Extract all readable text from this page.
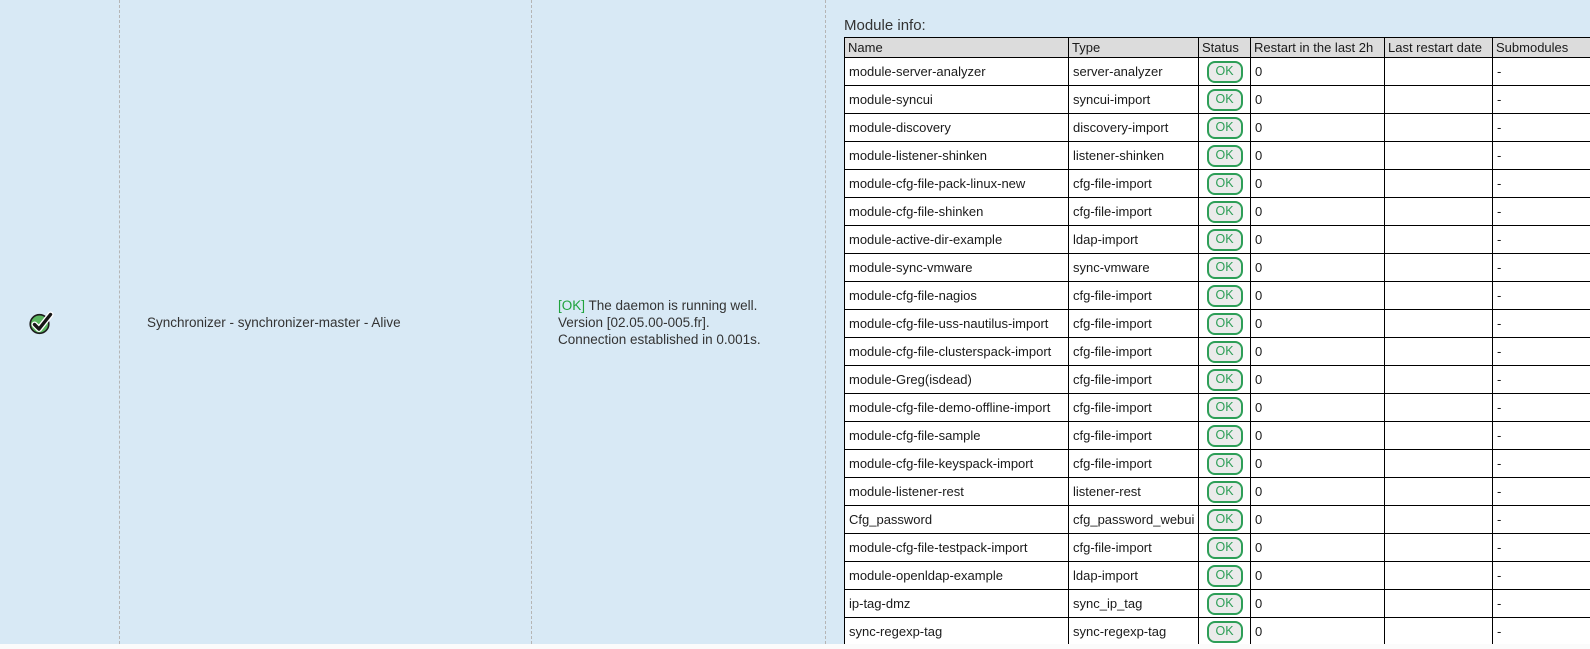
Synchronizer - synchronizer-master - Alive
[OK] The daemon is running well.
Version [02.05.00-005.fr].
Connection established in 0.001s.
Module info:
Name	Type	Status	Restart in the last 2h	Last restart date	Submodules
module-server-analyzer	server-analyzer	OK	0		-
module-syncui	syncui-import	OK	0		-
module-discovery	discovery-import	OK	0		-
module-listener-shinken	listener-shinken	OK	0		-
module-cfg-file-pack-linux-new	cfg-file-import	OK	0		-
module-cfg-file-shinken	cfg-file-import	OK	0		-
module-active-dir-example	ldap-import	OK	0		-
module-sync-vmware	sync-vmware	OK	0		-
module-cfg-file-nagios	cfg-file-import	OK	0		-
module-cfg-file-uss-nautilus-import	cfg-file-import	OK	0		-
module-cfg-file-clusterspack-import	cfg-file-import	OK	0		-
module-Greg(isdead)	cfg-file-import	OK	0		-
module-cfg-file-demo-offline-import	cfg-file-import	OK	0		-
module-cfg-file-sample	cfg-file-import	OK	0		-
module-cfg-file-keyspack-import	cfg-file-import	OK	0		-
module-listener-rest	listener-rest	OK	0		-
Cfg_password	cfg_password_webui	OK	0		-
module-cfg-file-testpack-import	cfg-file-import	OK	0		-
module-openldap-example	ldap-import	OK	0		-
ip-tag-dmz	sync_ip_tag	OK	0		-
sync-regexp-tag	sync-regexp-tag	OK	0		-
